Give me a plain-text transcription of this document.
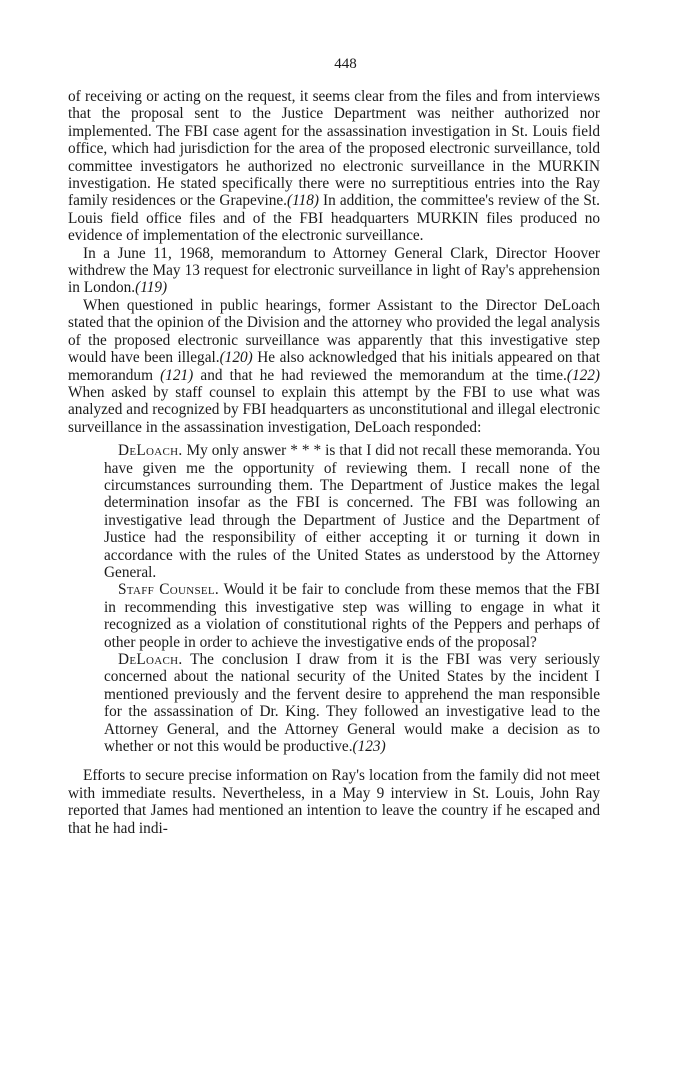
448

of receiving or acting on the request, it seems clear from the files and from interviews that the proposal sent to the Justice Department was neither authorized nor implemented. The FBI case agent for the assassination investigation in St. Louis field office, which had jurisdiction for the area of the proposed electronic surveillance, told committee investigators he authorized no electronic surveillance in the MURKIN investigation. He stated specifically there were no surreptitious entries into the Ray family residences or the Grapevine.(118) In addition, the committee's review of the St. Louis field office files and of the FBI headquarters MURKIN files produced no evidence of implementation of the electronic surveillance.

In a June 11, 1968, memorandum to Attorney General Clark, Director Hoover withdrew the May 13 request for electronic surveillance in light of Ray's apprehension in London.(119)

When questioned in public hearings, former Assistant to the Director DeLoach stated that the opinion of the Division and the attorney who provided the legal analysis of the proposed electronic surveillance was apparently that this investigative step would have been illegal.(120) He also acknowledged that his initials appeared on that memorandum (121) and that he had reviewed the memorandum at the time.(122) When asked by staff counsel to explain this attempt by the FBI to use what was analyzed and recognized by FBI headquarters as unconstitutional and illegal electronic surveillance in the assassination investigation, DeLoach responded:

DeLoach. My only answer * * * is that I did not recall these memoranda. You have given me the opportunity of reviewing them. I recall none of the circumstances surrounding them. The Department of Justice makes the legal determination insofar as the FBI is concerned. The FBI was following an investigative lead through the Department of Justice and the Department of Justice had the responsibility of either accepting it or turning it down in accordance with the rules of the United States as understood by the Attorney General.

Staff Counsel. Would it be fair to conclude from these memos that the FBI in recommending this investigative step was willing to engage in what it recognized as a violation of constitutional rights of the Peppers and perhaps of other people in order to achieve the investigative ends of the proposal?

DeLoach. The conclusion I draw from it is the FBI was very seriously concerned about the national security of the United States by the incident I mentioned previously and the fervent desire to apprehend the man responsible for the assassination of Dr. King. They followed an investigative lead to the Attorney General, and the Attorney General would make a decision as to whether or not this would be productive.(123)

Efforts to secure precise information on Ray's location from the family did not meet with immediate results. Nevertheless, in a May 9 interview in St. Louis, John Ray reported that James had mentioned an intention to leave the country if he escaped and that he had indi-
